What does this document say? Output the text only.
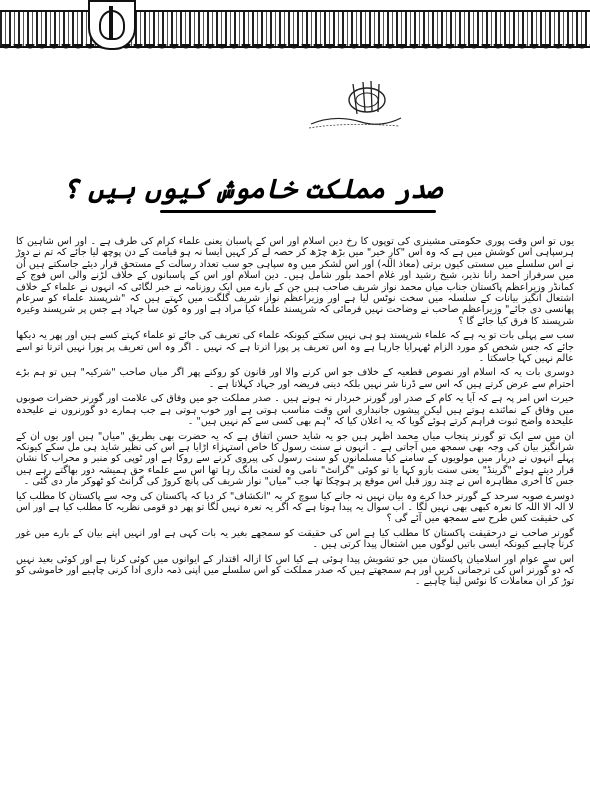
صدر مملکت خاموش کیوں ہیں ؟

یوں تو اس وقت پوری حکومتی مشینری کی توپوں کا رخ دین اسلام اور اس کے پاسبان یعنی علماء کرام کی طرف ہے ۔ اور اس شاہین کا ہرسپاہی اس کوشش میں ہے کہ وہ اس "کارِ خیر" میں بڑھ چڑھ کر حصہ لے کر کہیں ایسا نہ ہو قیامت کے دن پوچھ لیا جائے کہ تم نے دوڑ نے اس سلسلے میں سستی کیوں برتی (معاذ اللہ) اور اس لشکر میں وہ سپاہی جو سب تعداد رسالت کے مستحق قرار دیئے جاسکتے ہیں اُن میں سرفراز احمد رانا نذیر، شیخ رشید اور غلام احمد بلور شامل ہیں۔ دین اسلام اور اس کے پاسبانوں کے خلاف لڑنے والی اس فوج کے کمانڈر وزیراعظم پاکستان جناب میاں محمد نواز شریف صاحب ہیں جن کے بارے میں ایک روزنامہ نے خبر لگائی کہ انہوں نے علماء کے خلاف اشتعال انگیز بیانات کے سلسلہ میں سخت نوٹس لیا ہے اور وزیراعظم نواز شریف گلگت میں کہتے ہیں کہ "شرپسند علماء کو سرعام پھانسی دی جائے" وزیراعظم صاحب نے وضاحت نہیں فرمائی کہ شرپسند علماء کیا مراد ہے اور وہ کون سا جہاد ہے جس پر شرپسند وغیرہ شرپسند کا فرق کیا جائے گا ؟

سب سے پہلی بات تو یہ ہے کہ علماء شرپسند ہو ہی نہیں سکتے کیونکہ علماء کی تعریف کی جائے تو علماء کہتے کسے ہیں اور پھر یہ دیکھا جائے کہ جس شخص کو مورد الزام ٹھہرایا جارہا ہے وہ اس تعریف پر پورا اترتا ہے کہ نہیں ۔ اگر وہ اس تعریف پر پورا نہیں اترتا تو اسے عالم نہیں کہا جاسکتا ۔

دوسری بات یہ کہ اسلام اور نصوص قطعیہ کے خلاف جو اس کرنے والا اور قانون کو روکنے پھر اگر میاں صاحب "شرکیہ" ہیں تو ہم بڑے احترام سے عرض کرتے ہیں کہ اس سے ڈرنا شر نہیں بلکہ دینی فریضہ اور جہاد کہلاتا ہے ۔

حیرت اس امر پہ ہے کہ آیا یہ کام کے صدر اور گورنر خبردار نہ ہونے ہیں ۔ صدر مملکت جو میں وفاق کی علامت اور گورنر حضرات صوبوں میں وفاق کے نمائندے ہوتے ہیں لیکن پیشوں جانبداری اس وقت مناسب ہوتی ہے اور خوب ہوتی ہے جب ہمارے دو گورنروں نے علیحدہ علیحدہ واضح ثبوت فراہم کرتے ہوئے گویا کہ یہ اعلان کیا کہ "ہم بھی کسی سے کم نہیں ہیں" ۔

ان میں سے ایک تو گورنر پنجاب میاں محمد اظہر ہیں جو یہ شاید حسن اتفاق ہے کہ یہ حضرت بھی بطریق "میاں" ہیں اور یوں ان کے شرانگیز بیان کی وجہ بھی سمجھ میں آجاتی ہے ۔ انہوں نے سنت رسول کا خاص استہزاء اڑایا ہے اس کی نظیر شاید ہی مل سکے کیونکہ پہلے انہوں نے دربار میں مولویوں کے سامنے کیا مسلمانوں کو سنت رسول کی پیروی کرنے سے روکا ہے اور ٹوپی کو منبر و محراب کا نشان قرار دیتے ہوئے "گرینڈ" یعنی سنت بازو کہا یا تو کوئی "گرانٹ" نامی وہ لعنت مانگ رہا تھا اس سے علماء حق ہمیشہ دور بھاگتے رہے ہیں جس کا آخری مظاہرہ اس نے چند روز قبل اس موقع پر ہوچکا تھا جب "میاں" نواز شریف کی پانچ کروڑ کی گرانٹ کو ٹھوکر مار دی گئی ۔

دوسرے صوبہ سرحد کے گورنر خدا کرے وہ بیان نہیں نہ جانے کیا سوچ کر یہ "انکشاف" کر دیا کہ پاکستان کی وجہ سے پاکستان کا مطلب کیا لا الہ الا اللہ کا نعرہ کبھی بھی نہیں لگا ۔ اب سوال یہ پیدا ہوتا ہے کہ اگر یہ نعرہ نہیں لگا تو پھر دو قومی نظریہ کا مطلب کیا ہے اور اس کی حقیقت کس طرح سے سمجھ میں آئے گی ؟

گورنر صاحب نے درحقیقت پاکستان کا مطلب کیا ہے اس کی حقیقت کو سمجھے بغیر یہ بات کہی ہے اور انہیں اپنے بیان کے بارے میں غور کرنا چاہیے کیونکہ ایسی باتیں لوگوں میں اشتعال پیدا کرتی ہیں ۔

اس سے عوام اور اسلامیان پاکستان میں جو تشویش پیدا ہوئی ہے کیا اس کا ازالہ اقتدار کے ایوانوں میں کوئی کرنا ہے اور کوئی بعید نہیں کہ دو گورنر اس کی ترجمانی کریں اور ہم سمجھتے ہیں کہ صدر مملکت کو اس سلسلے میں اپنی ذمہ داری ادا کرنی چاہیے اور خاموشی کو توڑ کر ان معاملات کا نوٹس لینا چاہیے ۔
